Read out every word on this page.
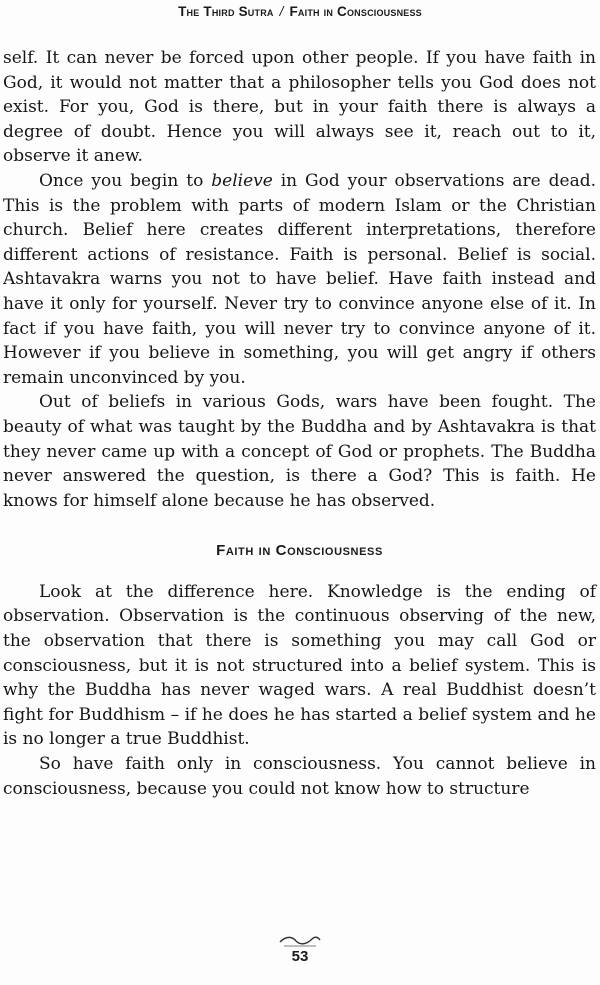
The Third Sutra / Faith in Consciousness

self. It can never be forced upon other people. If you have faith in God, it would not matter that a philosopher tells you God does not exist. For you, God is there, but in your faith there is always a degree of doubt. Hence you will always see it, reach out to it, observe it anew.

Once you begin to believe in God your observations are dead. This is the problem with parts of modern Islam or the Christian church. Belief here creates different interpretations, therefore different actions of resistance. Faith is personal. Belief is social. Ashtavakra warns you not to have belief. Have faith instead and have it only for yourself. Never try to convince anyone else of it. In fact if you have faith, you will never try to convince anyone of it. However if you believe in something, you will get angry if others remain unconvinced by you.

Out of beliefs in various Gods, wars have been fought. The beauty of what was taught by the Buddha and by Ashtavakra is that they never came up with a concept of God or prophets. The Buddha never answered the question, is there a God? This is faith. He knows for himself alone because he has observed.

Faith in Consciousness

Look at the difference here. Knowledge is the ending of observation. Observation is the continuous observing of the new, the observation that there is something you may call God or consciousness, but it is not structured into a belief system. This is why the Buddha has never waged wars. A real Buddhist doesn’t fight for Buddhism – if he does he has started a belief system and he is no longer a true Buddhist.

So have faith only in consciousness. You cannot believe in consciousness, because you could not know how to structure

53
